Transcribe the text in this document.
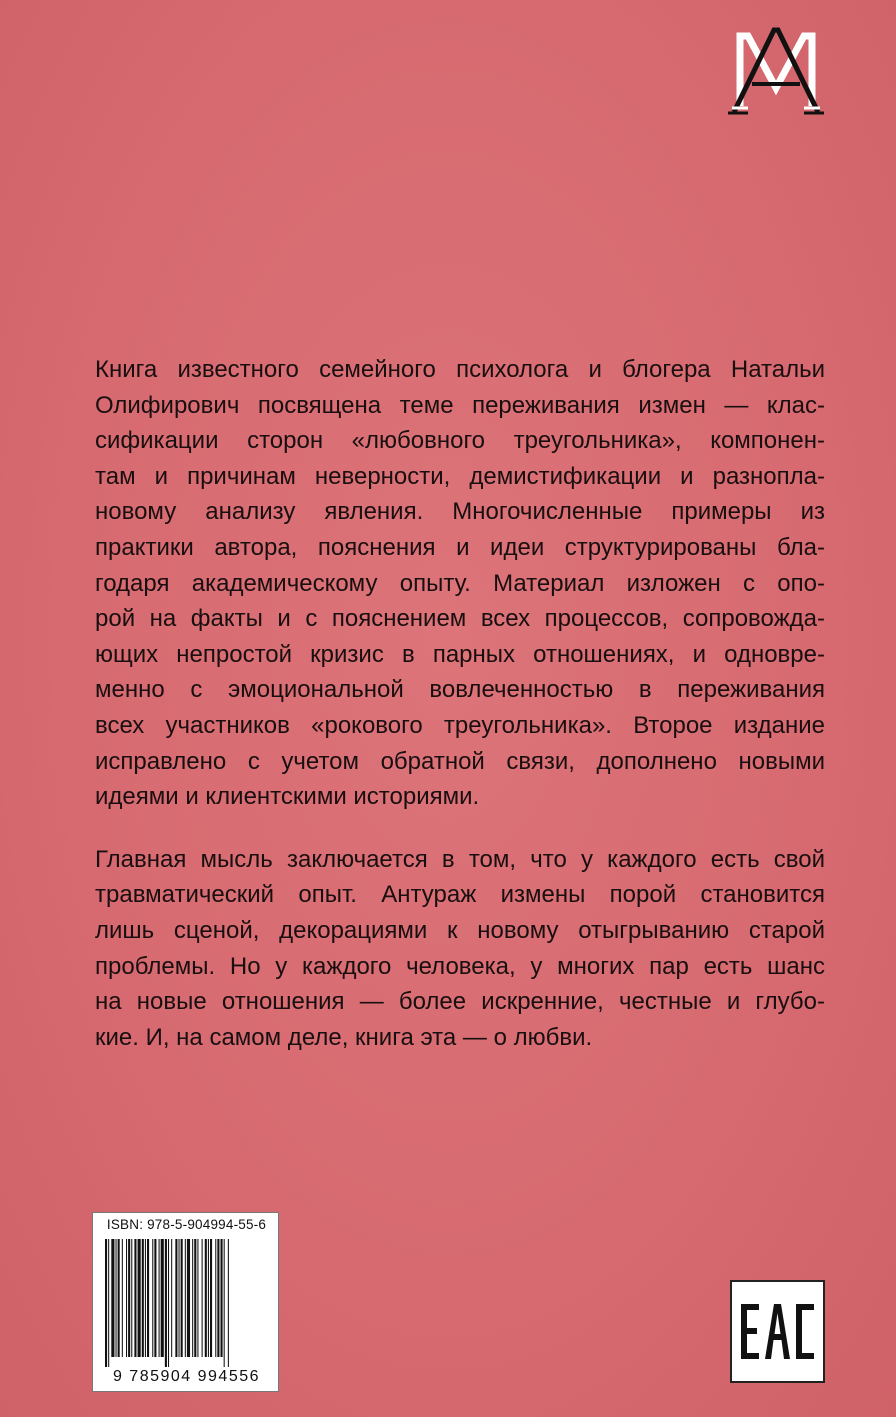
Книга известного семейного психолога и блогера Натальи
Олифирович посвящена теме переживания измен — клас-
сификации сторон «любовного треугольника», компонен-
там и причинам неверности, демистификации и разнопла-
новому анализу явления. Многочисленные примеры из
практики автора, пояснения и идеи структурированы бла-
годаря академическому опыту. Материал изложен с опо-
рой на факты и с пояснением всех процессов, сопровожда-
ющих непростой кризис в парных отношениях, и одновре-
менно с эмоциональной вовлеченностью в переживания
всех участников «рокового треугольника». Второе издание
исправлено с учетом обратной связи, дополнено новыми
идеями и клиентскими историями.

Главная мысль заключается в том, что у каждого есть свой
травматический опыт. Антураж измены порой становится
лишь сценой, декорациями к новому отыгрыванию старой
проблемы. Но у каждого человека, у многих пар есть шанс
на новые отношения — более искренние, честные и глубо-
кие. И, на самом деле, книга эта — о любви.

ISBN: 978-5-904994-55-6
9 785904 994556
